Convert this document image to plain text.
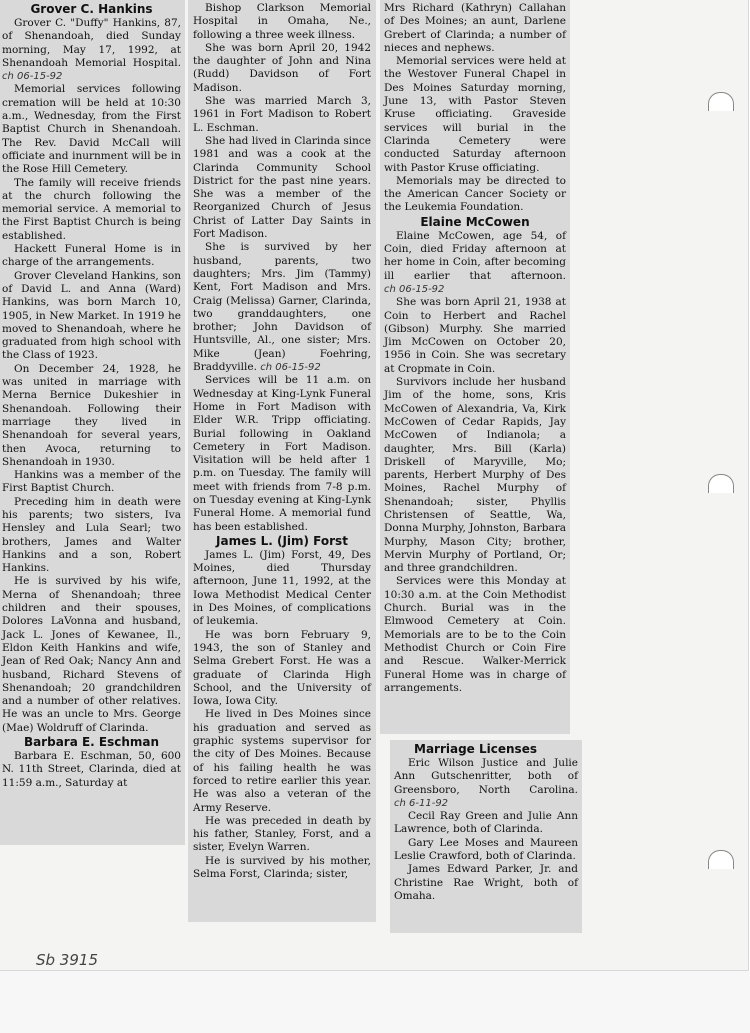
Grover C. Hankins

Grover C. "Duffy" Hankins, 87, of Shenandoah, died Sunday morning, May 17, 1992, at Shenandoah Memorial Hospital. ch 06-15-92

Memorial services following cremation will be held at 10:30 a.m., Wednesday, from the First Baptist Church in Shenandoah. The Rev. David McCall will officiate and inurnment will be in the Rose Hill Cemetery.

The family will receive friends at the church following the memorial service. A memorial to the First Baptist Church is being established.

Hackett Funeral Home is in charge of the arrangements.

Grover Cleveland Hankins, son of David L. and Anna (Ward) Hankins, was born March 10, 1905, in New Market. In 1919 he moved to Shenandoah, where he graduated from high school with the Class of 1923.

On December 24, 1928, he was united in marriage with Merna Bernice Dukeshier in Shenandoah. Following their marriage they lived in Shenandoah for several years, then Avoca, returning to Shenandoah in 1930.

Hankins was a member of the First Baptist Church.

Preceding him in death were his parents; two sisters, Iva Hensley and Lula Searl; two brothers, James and Walter Hankins and a son, Robert Hankins.

He is survived by his wife, Merna of Shenandoah; three children and their spouses, Dolores LaVonna and husband, Jack L. Jones of Kewanee, Il., Eldon Keith Hankins and wife, Jean of Red Oak; Nancy Ann and husband, Richard Stevens of Shenandoah; 20 grandchildren and a number of other relatives. He was an uncle to Mrs. George (Mae) Woldruff of Clarinda.

Barbara E. Eschman

Barbara E. Eschman, 50, 600 N. 11th Street, Clarinda, died at 11:59 a.m., Saturday at

Bishop Clarkson Memorial Hospital in Omaha, Ne., following a three week illness.

She was born April 20, 1942 the daughter of John and Nina (Rudd) Davidson of Fort Madison.

She was married March 3, 1961 in Fort Madison to Robert L. Eschman.

She had lived in Clarinda since 1981 and was a cook at the Clarinda Community School District for the past nine years. She was a member of the Reorganized Church of Jesus Christ of Latter Day Saints in Fort Madison.

She is survived by her husband, parents, two daughters; Mrs. Jim (Tammy) Kent, Fort Madison and Mrs. Craig (Melissa) Garner, Clarinda, two granddaughters, one brother; John Davidson of Huntsville, Al., one sister; Mrs. Mike (Jean) Foehring, Braddyville. ch 06-15-92

Services will be 11 a.m. on Wednesday at King-Lynk Funeral Home in Fort Madison with Elder W.R. Tripp officiating. Burial following in Oakland Cemetery in Fort Madison. Visitation will be held after 1 p.m. on Tuesday. The family will meet with friends from 7-8 p.m. on Tuesday evening at King-Lynk Funeral Home. A memorial fund has been established.

James L. (Jim) Forst

James L. (Jim) Forst, 49, Des Moines, died Thursday afternoon, June 11, 1992, at the Iowa Methodist Medical Center in Des Moines, of complications of leukemia.

He was born February 9, 1943, the son of Stanley and Selma Grebert Forst. He was a graduate of Clarinda High School, and the University of Iowa, Iowa City.

He lived in Des Moines since his graduation and served as graphic systems supervisor for the city of Des Moines. Because of his failing health he was forced to retire earlier this year. He was also a veteran of the Army Reserve.

He was preceded in death by his father, Stanley, Forst, and a sister, Evelyn Warren.

He is survived by his mother, Selma Forst, Clarinda; sister,

Mrs Richard (Kathryn) Callahan of Des Moines; an aunt, Darlene Grebert of Clarinda; a number of nieces and nephews.

Memorial services were held at the Westover Funeral Chapel in Des Moines Saturday morning, June 13, with Pastor Steven Kruse officiating. Graveside services will burial in the Clarinda Cemetery were conducted Saturday afternoon with Pastor Kruse officiating.

Memorials may be directed to the American Cancer Society or the Leukemia Foundation.

Elaine McCowen

Elaine McCowen, age 54, of Coin, died Friday afternoon at her home in Coin, after becoming ill earlier that afternoon. ch 06-15-92

She was born April 21, 1938 at Coin to Herbert and Rachel (Gibson) Murphy. She married Jim McCowen on October 20, 1956 in Coin. She was secretary at Cropmate in Coin.

Survivors include her husband Jim of the home, sons, Kris McCowen of Alexandria, Va, Kirk McCowen of Cedar Rapids, Jay McCowen of Indianola; a daughter, Mrs. Bill (Karla) Driskell of Maryville, Mo; parents, Herbert Murphy of Des Moines, Rachel Murphy of Shenandoah; sister, Phyllis Christensen of Seattle, Wa, Donna Murphy, Johnston, Barbara Murphy, Mason City; brother, Mervin Murphy of Portland, Or; and three grandchildren.

Services were this Monday at 10:30 a.m. at the Coin Methodist Church. Burial was in the Elmwood Cemetery at Coin. Memorials are to be to the Coin Methodist Church or Coin Fire and Rescue. Walker-Merrick Funeral Home was in charge of arrangements.

Marriage Licenses

Eric Wilson Justice and Julie Ann Gutschenritter, both of Greensboro, North Carolina. ch 6-11-92

Cecil Ray Green and Julie Ann Lawrence, both of Clarinda.

Gary Lee Moses and Maureen Leslie Crawford, both of Clarinda.

James Edward Parker, Jr. and Christine Rae Wright, both of Omaha.

Sb 3915
